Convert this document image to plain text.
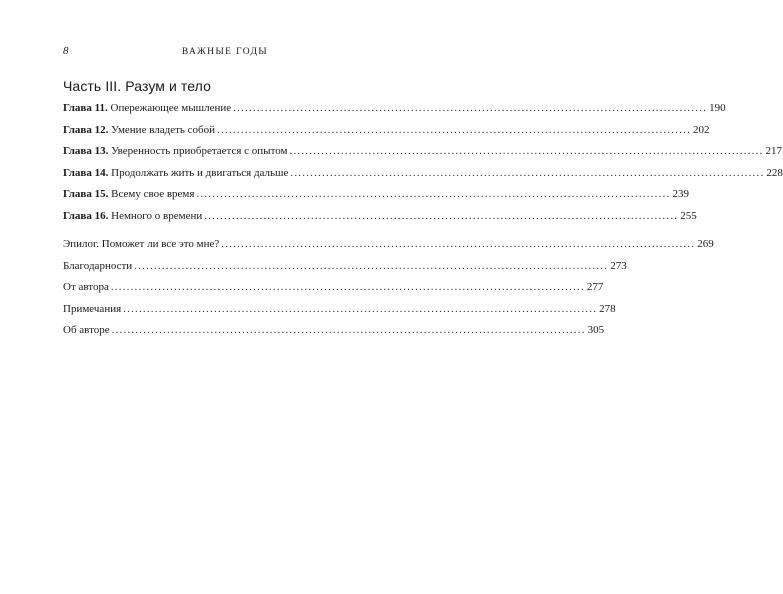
8	ВАЖНЫЕ ГОДЫ
Часть III. Разум и тело
Глава 11. Опережающее мышление ........................................................................................................................ 190
Глава 12. Умение владеть собой ........................................................................................................................ 202
Глава 13. Уверенность приобретается с опытом ........................................................................................................................ 217
Глава 14. Продолжать жить и двигаться дальше ........................................................................................................................ 228
Глава 15. Всему свое время ........................................................................................................................ 239
Глава 16. Немного о времени ........................................................................................................................ 255
Эпилог. Поможет ли все это мне? ........................................................................................................................ 269
Благодарности ........................................................................................................................ 273
От автора ........................................................................................................................ 277
Примечания ........................................................................................................................ 278
Об авторе ........................................................................................................................ 305
